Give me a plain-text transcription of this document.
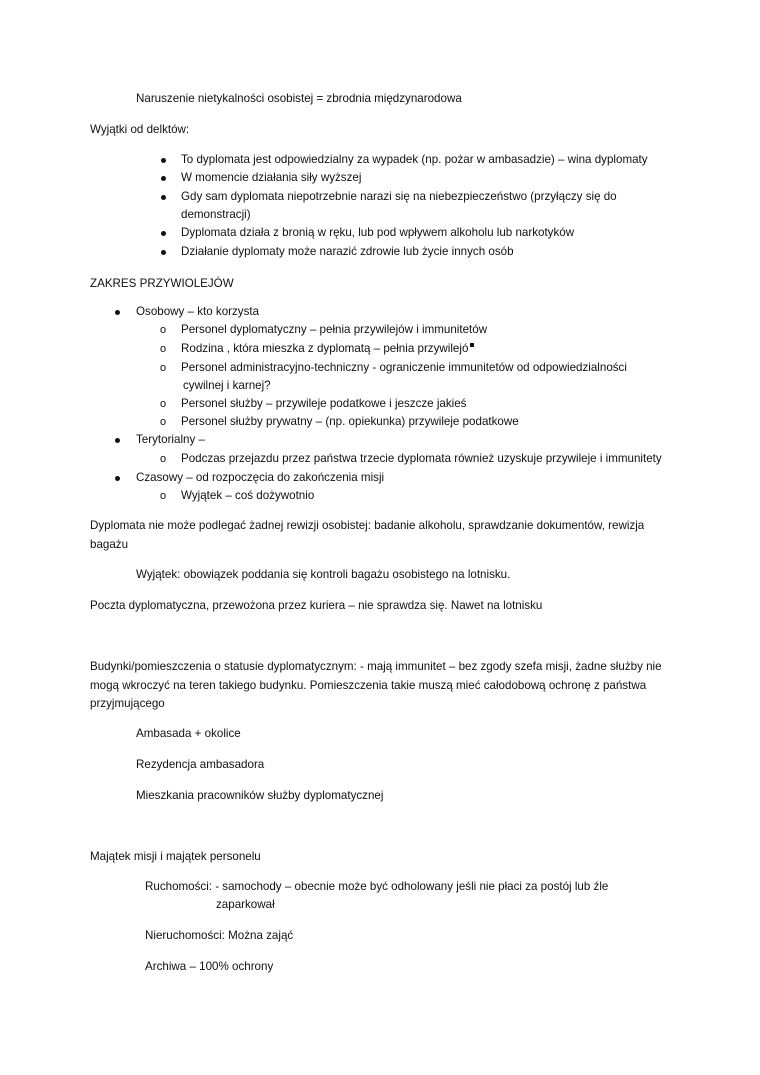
Naruszenie nietykalności osobistej = zbrodnia międzynarodowa
Wyjątki od delktów:
To dyplomata jest odpowiedzialny za wypadek (np. pożar w ambasadzie) – wina dyplomaty
W momencie działania siły wyższej
Gdy sam dyplomata niepotrzebnie narazi się na niebezpieczeństwo (przyłączy się do
demonstracji)
Dyplomata działa z bronią w ręku, lub pod wpływem alkoholu lub narkotyków
Działanie dyplomaty może narazić zdrowie lub życie innych osób
ZAKRES PRZYWIOLEJÓW
Osobowy – kto korzysta
o Personel dyplomatyczny – pełnia przywilejów i immunitetów
o Rodzina , która mieszka z dyplomatą – pełnia przywilejó
o Personel administracyjno-techniczny - ograniczenie immunitetów od odpowiedzialności
cywilnej i karnej?
o Personel służby – przywileje podatkowe i jeszcze jakieś
o Personel służby prywatny – (np. opiekunka) przywileje podatkowe
Terytorialny –
o Podczas przejazdu przez państwa trzecie dyplomata również uzyskuje przywileje i immunitety
Czasowy – od rozpoczęcia do zakończenia misji
o Wyjątek – coś dożywotnio
Dyplomata nie może podlegać żadnej rewizji osobistej: badanie alkoholu, sprawdzanie dokumentów, rewizja
bagażu
Wyjątek: obowiązek poddania się kontroli bagażu osobistego na lotnisku.
Poczta dyplomatyczna, przewożona przez kuriera – nie sprawdza się. Nawet na lotnisku
Budynki/pomieszczenia o statusie dyplomatycznym: - mają immunitet – bez zgody szefa misji, żadne służby nie
mogą wkroczyć na teren takiego budynku. Pomieszczenia takie muszą mieć całodobową ochronę z państwa
przyjmującego
Ambasada + okolice
Rezydencja ambasadora
Mieszkania pracowników służby dyplomatycznej
Majątek misji i majątek personelu
Ruchomości: - samochody – obecnie może być odholowany jeśli nie płaci za postój lub źle
zaparkował
Nieruchomości: Można zająć
Archiwa – 100% ochrony
